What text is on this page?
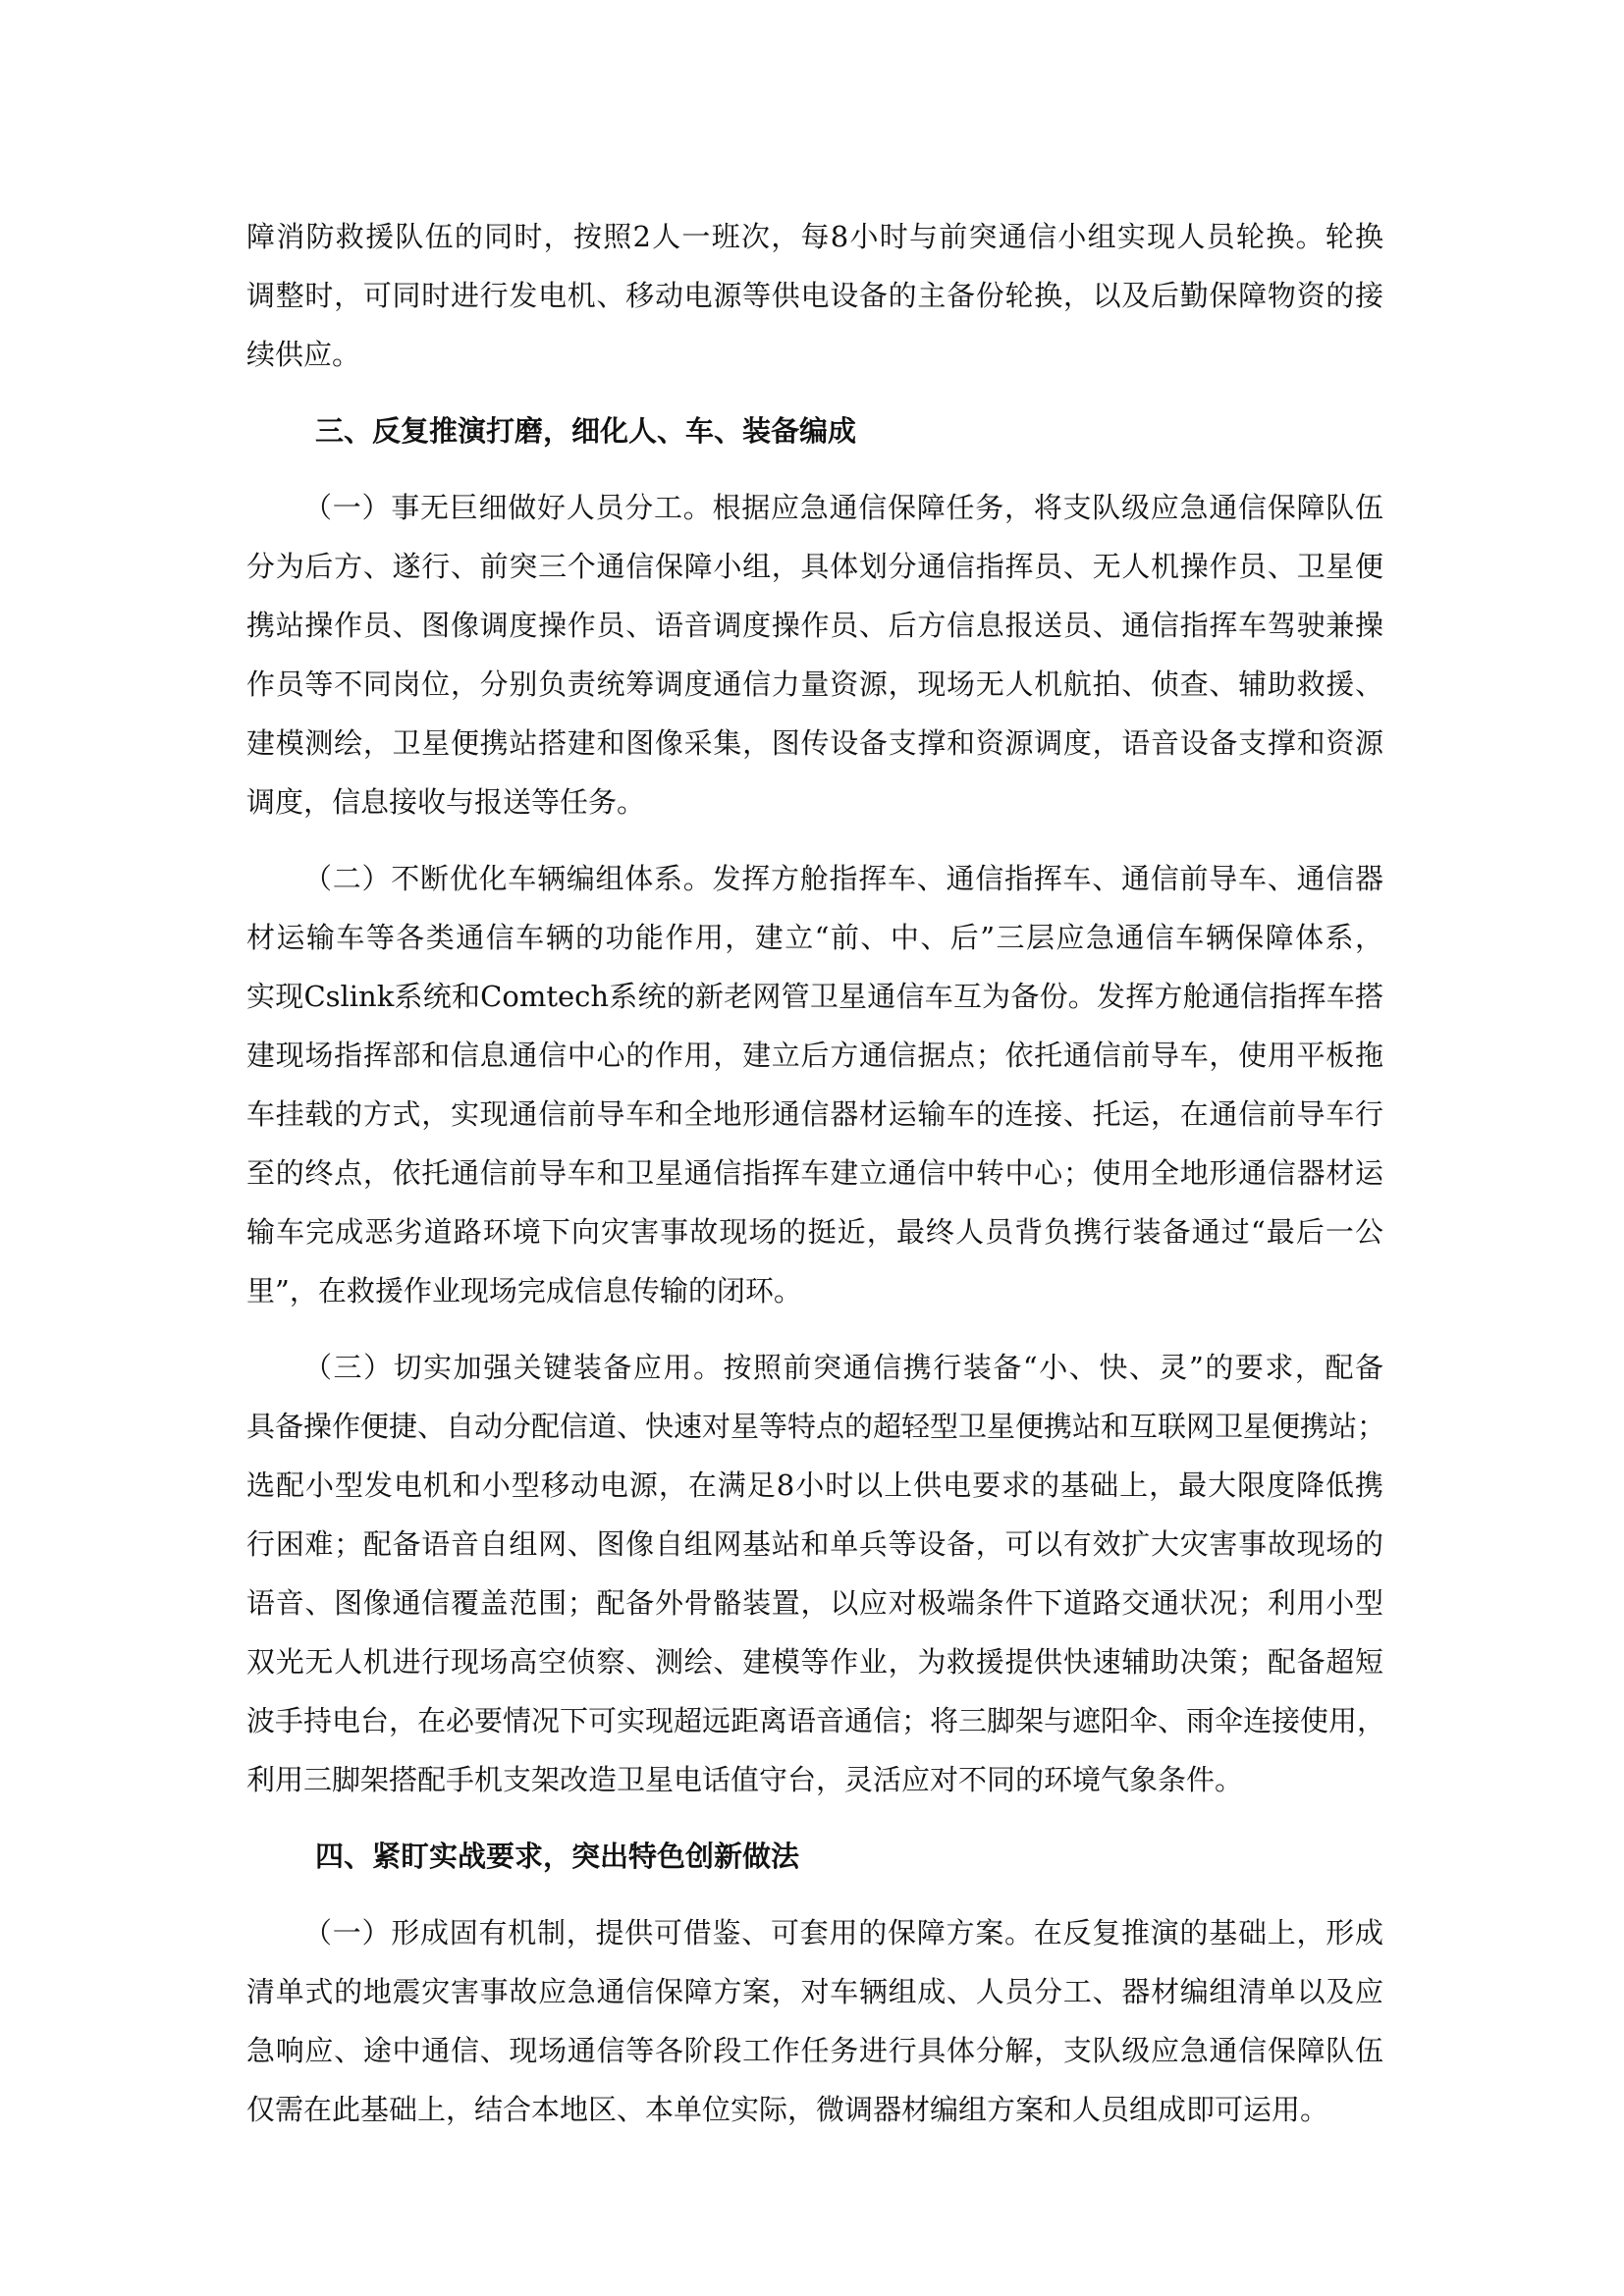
障消防救援队伍的同时，按照2人一班次，每8小时与前突通信小组实现人员轮换。轮换
调整时，可同时进行发电机、移动电源等供电设备的主备份轮换，以及后勤保障物资的接
续供应。
三、反复推演打磨，细化人、车、装备编成
（一）事无巨细做好人员分工。根据应急通信保障任务，将支队级应急通信保障队伍
分为后方、遂行、前突三个通信保障小组，具体划分通信指挥员、无人机操作员、卫星便
携站操作员、图像调度操作员、语音调度操作员、后方信息报送员、通信指挥车驾驶兼操
作员等不同岗位，分别负责统筹调度通信力量资源，现场无人机航拍、侦查、辅助救援、
建模测绘，卫星便携站搭建和图像采集，图传设备支撑和资源调度，语音设备支撑和资源
调度，信息接收与报送等任务。
（二）不断优化车辆编组体系。发挥方舱指挥车、通信指挥车、通信前导车、通信器
材运输车等各类通信车辆的功能作用，建立“前、中、后”三层应急通信车辆保障体系，
实现Cslink系统和Comtech系统的新老网管卫星通信车互为备份。发挥方舱通信指挥车搭
建现场指挥部和信息通信中心的作用，建立后方通信据点；依托通信前导车，使用平板拖
车挂载的方式，实现通信前导车和全地形通信器材运输车的连接、托运，在通信前导车行
至的终点，依托通信前导车和卫星通信指挥车建立通信中转中心；使用全地形通信器材运
输车完成恶劣道路环境下向灾害事故现场的挺近，最终人员背负携行装备通过“最后一公
里”，在救援作业现场完成信息传输的闭环。
（三）切实加强关键装备应用。按照前突通信携行装备“小、快、灵”的要求，配备
具备操作便捷、自动分配信道、快速对星等特点的超轻型卫星便携站和互联网卫星便携站；
选配小型发电机和小型移动电源，在满足8小时以上供电要求的基础上，最大限度降低携
行困难；配备语音自组网、图像自组网基站和单兵等设备，可以有效扩大灾害事故现场的
语音、图像通信覆盖范围；配备外骨骼装置，以应对极端条件下道路交通状况；利用小型
双光无人机进行现场高空侦察、测绘、建模等作业，为救援提供快速辅助决策；配备超短
波手持电台，在必要情况下可实现超远距离语音通信；将三脚架与遮阳伞、雨伞连接使用，
利用三脚架搭配手机支架改造卫星电话值守台，灵活应对不同的环境气象条件。
四、紧盯实战要求，突出特色创新做法
（一）形成固有机制，提供可借鉴、可套用的保障方案。在反复推演的基础上，形成
清单式的地震灾害事故应急通信保障方案，对车辆组成、人员分工、器材编组清单以及应
急响应、途中通信、现场通信等各阶段工作任务进行具体分解，支队级应急通信保障队伍
仅需在此基础上，结合本地区、本单位实际，微调器材编组方案和人员组成即可运用。
